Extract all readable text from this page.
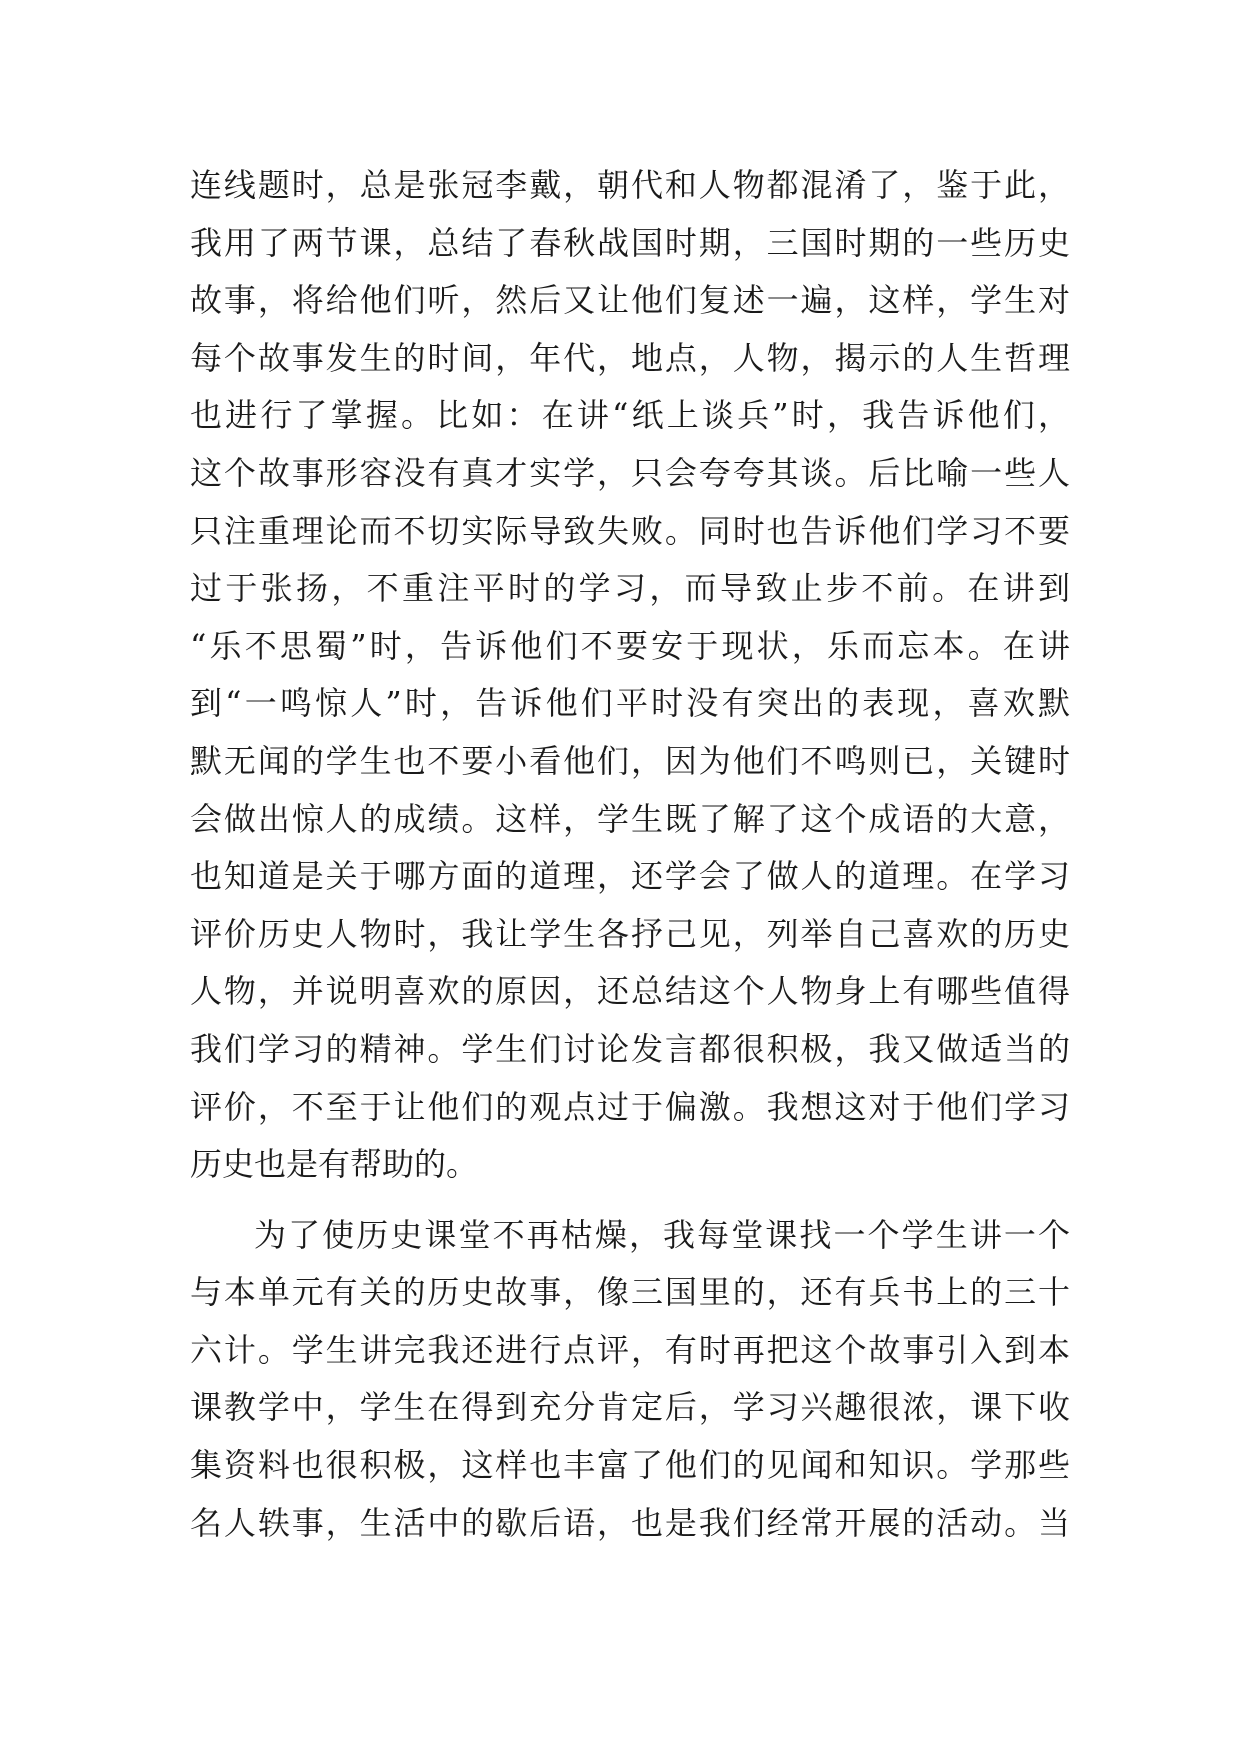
连线题时，总是张冠李戴，朝代和人物都混淆了，鉴于此，
我用了两节课，总结了春秋战国时期，三国时期的一些历史
故事，将给他们听，然后又让他们复述一遍，这样，学生对
每个故事发生的时间，年代，地点，人物，揭示的人生哲理
也进行了掌握。比如：在讲“纸上谈兵”时，我告诉他们，
这个故事形容没有真才实学，只会夸夸其谈。后比喻一些人
只注重理论而不切实际导致失败。同时也告诉他们学习不要
过于张扬，不重注平时的学习，而导致止步不前。在讲到
“乐不思蜀”时，告诉他们不要安于现状，乐而忘本。在讲
到“一鸣惊人”时，告诉他们平时没有突出的表现，喜欢默
默无闻的学生也不要小看他们，因为他们不鸣则已，关键时
会做出惊人的成绩。这样，学生既了解了这个成语的大意，
也知道是关于哪方面的道理，还学会了做人的道理。在学习
评价历史人物时，我让学生各抒己见，列举自己喜欢的历史
人物，并说明喜欢的原因，还总结这个人物身上有哪些值得
我们学习的精神。学生们讨论发言都很积极，我又做适当的
评价，不至于让他们的观点过于偏激。我想这对于他们学习
历史也是有帮助的。
为了使历史课堂不再枯燥，我每堂课找一个学生讲一个
与本单元有关的历史故事，像三国里的，还有兵书上的三十
六计。学生讲完我还进行点评，有时再把这个故事引入到本
课教学中，学生在得到充分肯定后，学习兴趣很浓，课下收
集资料也很积极，这样也丰富了他们的见闻和知识。学那些
名人轶事，生活中的歇后语，也是我们经常开展的活动。当
